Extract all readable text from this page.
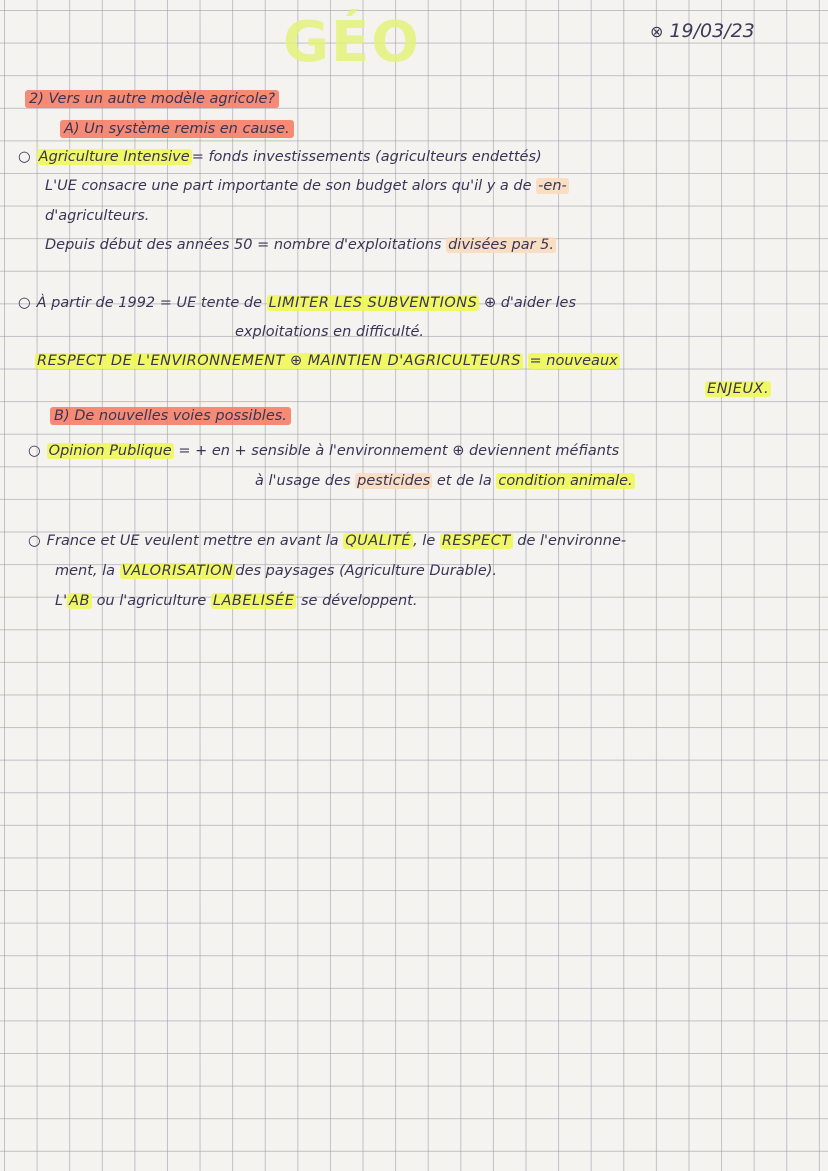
GÉO	⊗ 19/03/23
2) Vers un autre modèle agricole?
A) Un système remis en cause.
○ Agriculture Intensive = fonds investissements (agriculteurs endettés)
L'UE consacre une part importante de son budget alors qu'il y a de -en-
d'agriculteurs.
Depuis début des années 50 = nombre d'exploitations divisées par 5.
○ À partir de 1992 = UE tente de LIMITER LES SUBVENTIONS ⊕ d'aider les
exploitations en difficulté.
RESPECT DE L'ENVIRONNEMENT ⊕ MAINTIEN D'AGRICULTEURS = nouveaux
ENJEUX.
B) De nouvelles voies possibles.
○ Opinion Publique = + en + sensible à l'environnement ⊕ deviennent méfiants
à l'usage des pesticides et de la condition animale.
○ France et UE veulent mettre en avant la QUALITÉ , le RESPECT de l'environne-
ment, la VALORISATION des paysages (Agriculture Durable).
L' AB ou l'agriculture LABELISÉE se développent.
